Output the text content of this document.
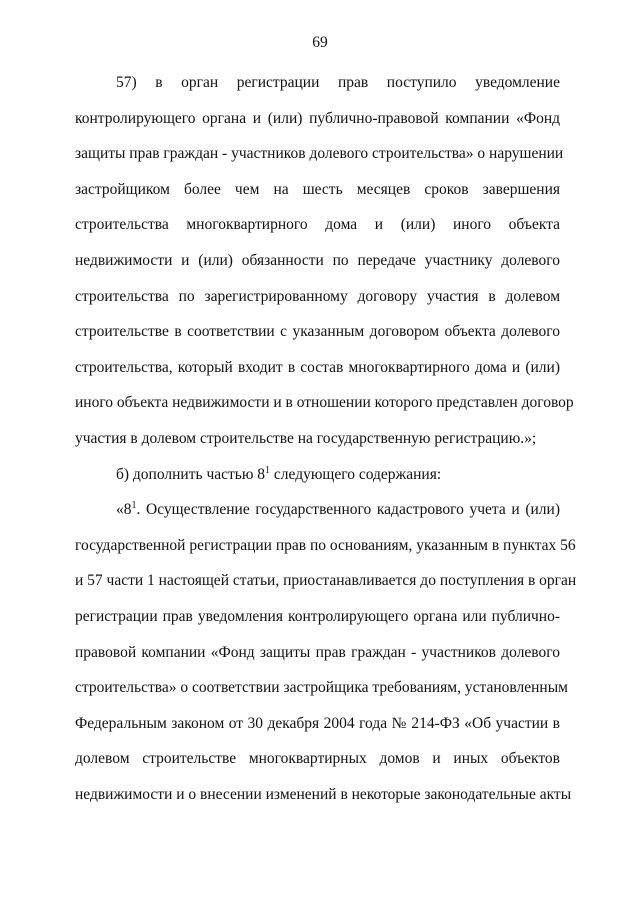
69
57) в орган регистрации прав поступило уведомление
контролирующего органа и (или) публично-правовой компании «Фонд
защиты прав граждан - участников долевого строительства» о нарушении
застройщиком более чем на шесть месяцев сроков завершения
строительства многоквартирного дома и (или) иного объекта
недвижимости и (или) обязанности по передаче участнику долевого
строительства по зарегистрированному договору участия в долевом
строительстве в соответствии с указанным договором объекта долевого
строительства, который входит в состав многоквартирного дома и (или)
иного объекта недвижимости и в отношении которого представлен договор
участия в долевом строительстве на государственную регистрацию.»;
б) дополнить частью $8^1$ следующего содержания:
«$8^1$. Осуществление государственного кадастрового учета и (или)
государственной регистрации прав по основаниям, указанным в пунктах 56
и 57 части 1 настоящей статьи, приостанавливается до поступления в орган
регистрации прав уведомления контролирующего органа или публично-
правовой компании «Фонд защиты прав граждан - участников долевого
строительства» о соответствии застройщика требованиям, установленным
Федеральным законом от 30 декабря 2004 года № 214-ФЗ «Об участии в
долевом строительстве многоквартирных домов и иных объектов
недвижимости и о внесении изменений в некоторые законодательные акты
